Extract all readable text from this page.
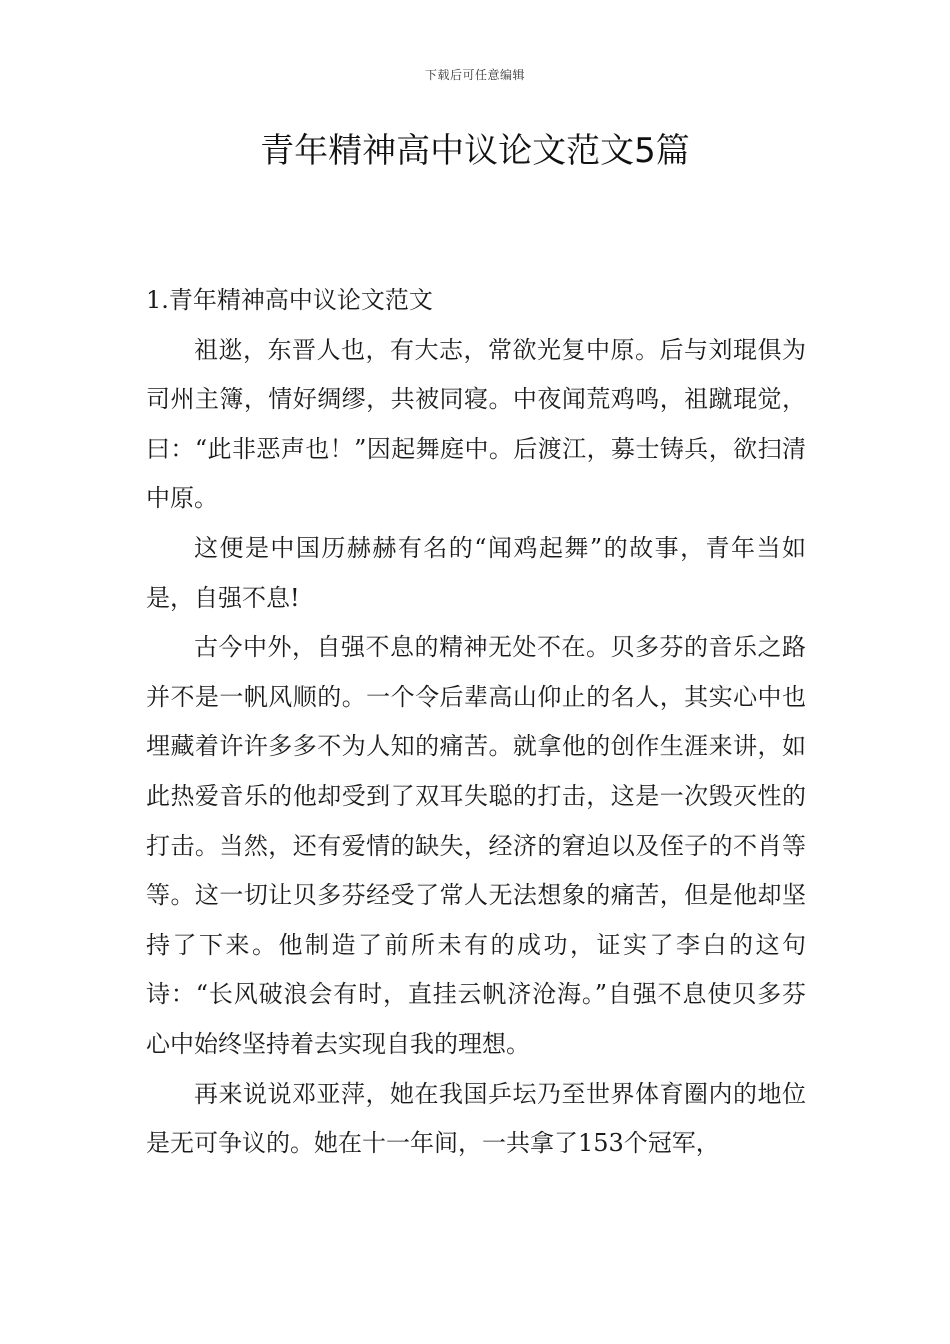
下载后可任意编辑
青年精神高中议论文范文5篇
1.青年精神高中议论文范文

祖逖，东晋人也，有大志，常欲光复中原。后与刘琨俱为司州主簿，情好绸缪，共被同寝。中夜闻荒鸡鸣，祖蹴琨觉，曰：“此非恶声也！”因起舞庭中。后渡江，募士铸兵，欲扫清中原。

这便是中国历赫赫有名的“闻鸡起舞”的故事，青年当如是，自强不息!

古今中外，自强不息的精神无处不在。贝多芬的音乐之路并不是一帆风顺的。一个令后辈高山仰止的名人，其实心中也埋藏着许许多多不为人知的痛苦。就拿他的创作生涯来讲，如此热爱音乐的他却受到了双耳失聪的打击，这是一次毁灭性的打击。当然，还有爱情的缺失，经济的窘迫以及侄子的不肖等等。这一切让贝多芬经受了常人无法想象的痛苦，但是他却坚持了下来。他制造了前所未有的成功，证实了李白的这句诗：“长风破浪会有时，直挂云帆济沧海。”自强不息使贝多芬心中始终坚持着去实现自我的理想。

再来说说邓亚萍，她在我国乒坛乃至世界体育圈内的地位是无可争议的。她在十一年间，一共拿了153个冠军，
